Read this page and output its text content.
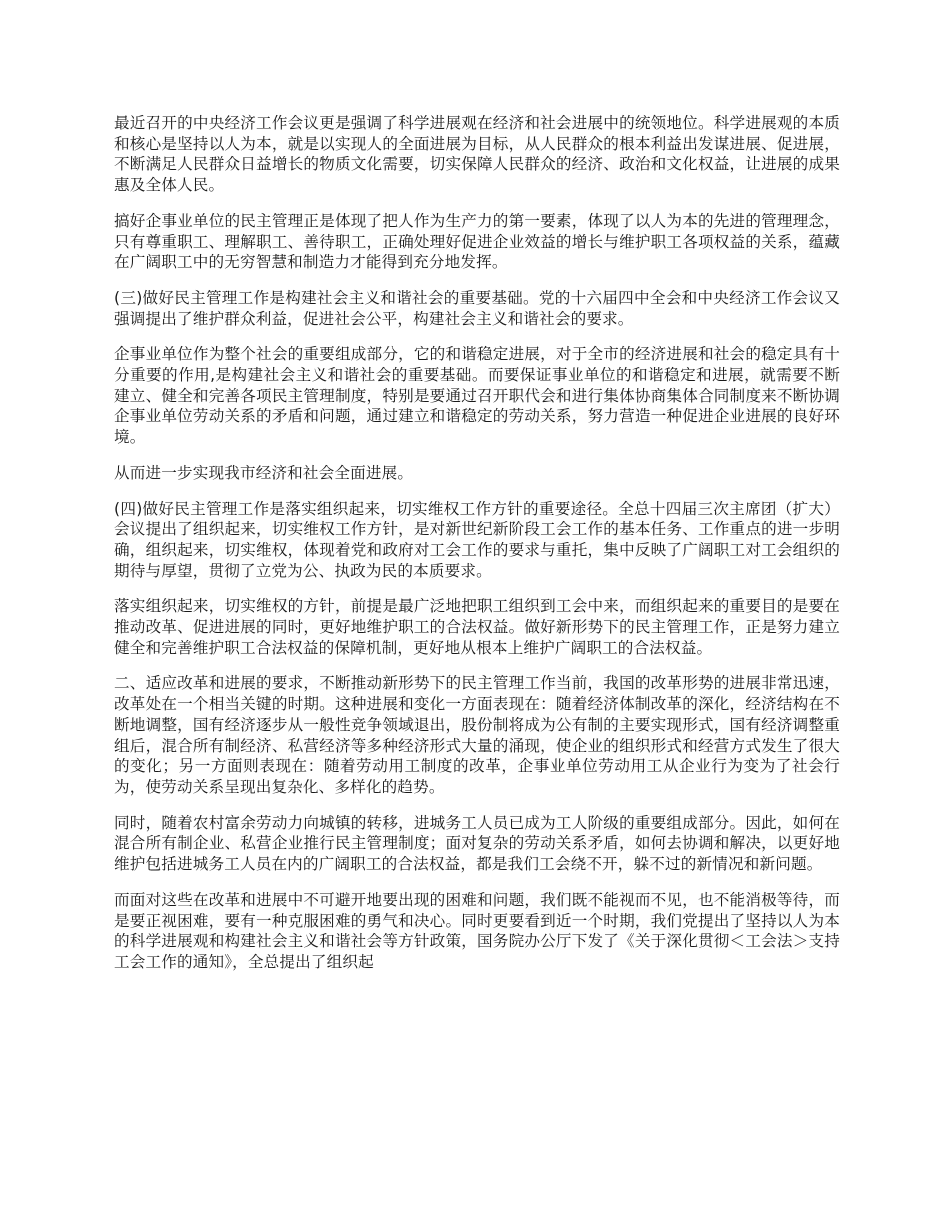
最近召开的中央经济工作会议更是强调了科学进展观在经济和社会进展中的统领地位。科学进展观的本质和核心是坚持以人为本，就是以实现人的全面进展为目标，从人民群众的根本利益出发谋进展、促进展，不断满足人民群众日益增长的物质文化需要，切实保障人民群众的经济、政治和文化权益，让进展的成果惠及全体人民。

搞好企事业单位的民主管理正是体现了把人作为生产力的第一要素，体现了以人为本的先进的管理理念，只有尊重职工、理解职工、善待职工，正确处理好促进企业效益的增长与维护职工各项权益的关系，蕴藏在广阔职工中的无穷智慧和制造力才能得到充分地发挥。

(三)做好民主管理工作是构建社会主义和谐社会的重要基础。党的十六届四中全会和中央经济工作会议又强调提出了维护群众利益，促进社会公平，构建社会主义和谐社会的要求。

企事业单位作为整个社会的重要组成部分，它的和谐稳定进展，对于全市的经济进展和社会的稳定具有十分重要的作用,是构建社会主义和谐社会的重要基础。而要保证事业单位的和谐稳定和进展，就需要不断建立、健全和完善各项民主管理制度，特别是要通过召开职代会和进行集体协商集体合同制度来不断协调企事业单位劳动关系的矛盾和问题，通过建立和谐稳定的劳动关系，努力营造一种促进企业进展的良好环境。

从而进一步实现我市经济和社会全面进展。

(四)做好民主管理工作是落实组织起来，切实维权工作方针的重要途径。全总十四届三次主席团（扩大）会议提出了组织起来，切实维权工作方针，是对新世纪新阶段工会工作的基本任务、工作重点的进一步明确，组织起来，切实维权，体现着党和政府对工会工作的要求与重托，集中反映了广阔职工对工会组织的期待与厚望，贯彻了立党为公、执政为民的本质要求。

落实组织起来，切实维权的方针，前提是最广泛地把职工组织到工会中来，而组织起来的重要目的是要在推动改革、促进进展的同时，更好地维护职工的合法权益。做好新形势下的民主管理工作，正是努力建立健全和完善维护职工合法权益的保障机制，更好地从根本上维护广阔职工的合法权益。

二、适应改革和进展的要求，不断推动新形势下的民主管理工作当前，我国的改革形势的进展非常迅速，改革处在一个相当关键的时期。这种进展和变化一方面表现在：随着经济体制改革的深化，经济结构在不断地调整，国有经济逐步从一般性竞争领域退出，股份制将成为公有制的主要实现形式，国有经济调整重组后，混合所有制经济、私营经济等多种经济形式大量的涌现，使企业的组织形式和经营方式发生了很大的变化；另一方面则表现在：随着劳动用工制度的改革，企事业单位劳动用工从企业行为变为了社会行为，使劳动关系呈现出复杂化、多样化的趋势。

同时，随着农村富余劳动力向城镇的转移，进城务工人员已成为工人阶级的重要组成部分。因此，如何在混合所有制企业、私营企业推行民主管理制度；面对复杂的劳动关系矛盾，如何去协调和解决，以更好地维护包括进城务工人员在内的广阔职工的合法权益，都是我们工会绕不开，躲不过的新情况和新问题。

而面对这些在改革和进展中不可避开地要出现的困难和问题，我们既不能视而不见，也不能消极等待，而是要正视困难，要有一种克服困难的勇气和决心。同时更要看到近一个时期，我们党提出了坚持以人为本的科学进展观和构建社会主义和谐社会等方针政策，国务院办公厅下发了《关于深化贯彻＜工会法＞支持工会工作的通知》，全总提出了组织起
